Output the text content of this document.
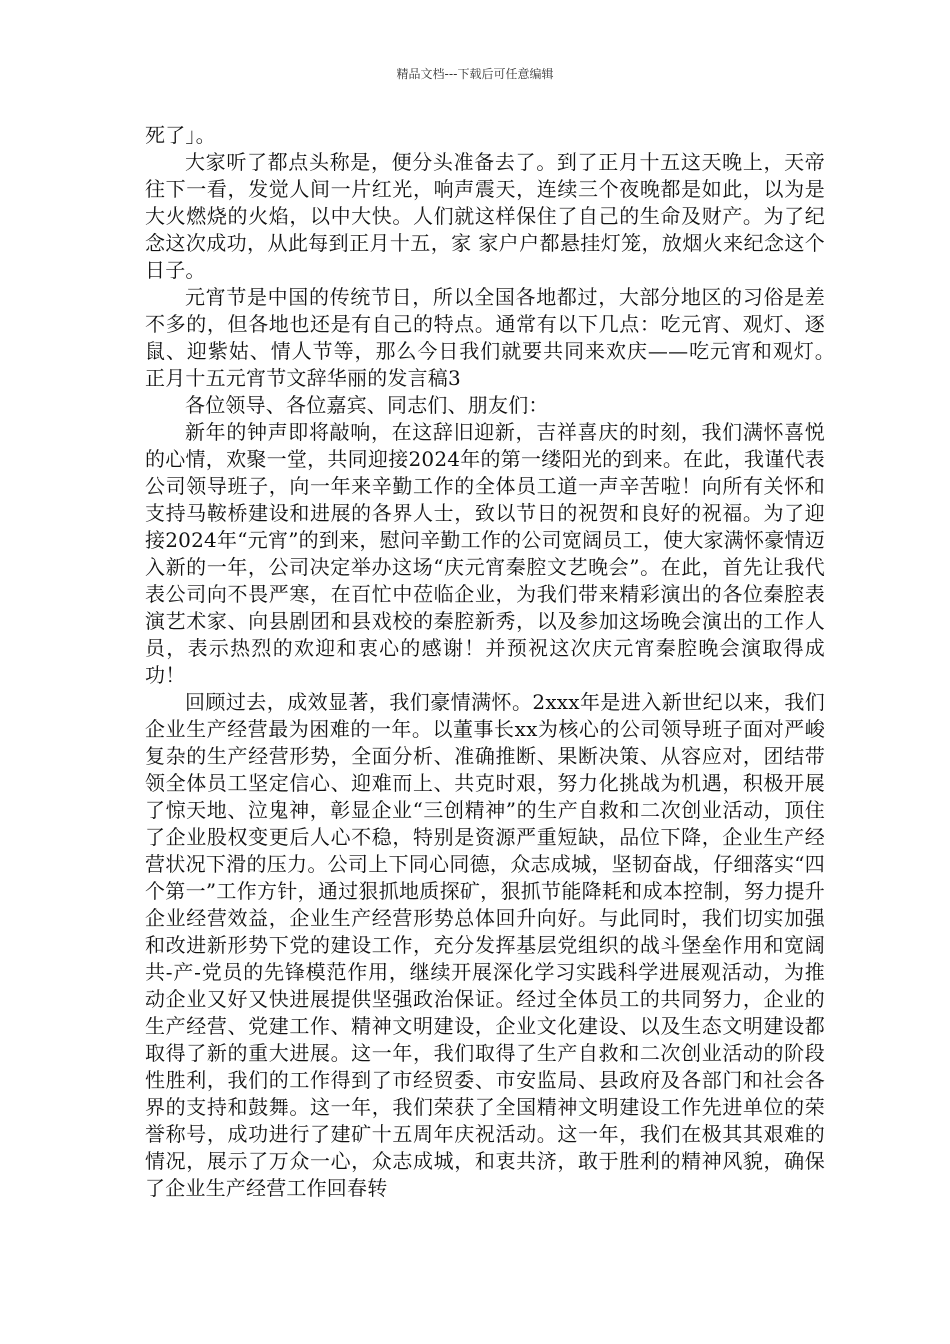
精品文档---下载后可任意编辑

死了」。

大家听了都点头称是，便分头准备去了。到了正月十五这天晚上，天帝往下一看，发觉人间一片红光，响声震天，连续三个夜晚都是如此，以为是大火燃烧的火焰，以中大快。人们就这样保住了自己的生命及财产。为了纪念这次成功，从此每到正月十五，家 家户户都悬挂灯笼，放烟火来纪念这个日子。

元宵节是中国的传统节日，所以全国各地都过，大部分地区的习俗是差不多的，但各地也还是有自己的特点。通常有以下几点：吃元宵、观灯、逐鼠、迎紫姑、情人节等，那么今日我们就要共同来欢庆——吃元宵和观灯。　　正月十五元宵节文辞华丽的发言稿3

各位领导、各位嘉宾、同志们、朋友们：

新年的钟声即将敲响，在这辞旧迎新，吉祥喜庆的时刻，我们满怀喜悦的心情，欢聚一堂，共同迎接2024年的第一缕阳光的到来。在此，我谨代表公司领导班子，向一年来辛勤工作的全体员工道一声辛苦啦！向所有关怀和支持马鞍桥建设和进展的各界人士，致以节日的祝贺和良好的祝福。为了迎接2024年“元宵”的到来，慰问辛勤工作的公司宽阔员工，使大家满怀豪情迈入新的一年，公司决定举办这场“庆元宵秦腔文艺晚会”。在此，首先让我代表公司向不畏严寒，在百忙中莅临企业，为我们带来精彩演出的各位秦腔表演艺术家、向县剧团和县戏校的秦腔新秀，以及参加这场晚会演出的工作人员，表示热烈的欢迎和衷心的感谢！并预祝这次庆元宵秦腔晚会演取得成功！

回顾过去，成效显著，我们豪情满怀。2xxx年是进入新世纪以来，我们企业生产经营最为困难的一年。以董事长xx为核心的公司领导班子面对严峻复杂的生产经营形势，全面分析、准确推断、果断决策、从容应对，团结带领全体员工坚定信心、迎难而上、共克时艰，努力化挑战为机遇，积极开展了惊天地、泣鬼神，彰显企业“三创精神”的生产自救和二次创业活动，顶住了企业股权变更后人心不稳，特别是资源严重短缺，品位下降，企业生产经营状况下滑的压力。公司上下同心同德，众志成城，坚韧奋战，仔细落实“四个第一”工作方针，通过狠抓地质探矿，狠抓节能降耗和成本控制，努力提升企业经营效益，企业生产经营形势总体回升向好。与此同时，我们切实加强和改进新形势下党的建设工作，充分发挥基层党组织的战斗堡垒作用和宽阔共-产-党员的先锋模范作用，继续开展深化学习实践科学进展观活动，为推动企业又好又快进展提供坚强政治保证。经过全体员工的共同努力，企业的生产经营、党建工作、精神文明建设，企业文化建设、以及生态文明建设都取得了新的重大进展。这一年，我们取得了生产自救和二次创业活动的阶段性胜利，我们的工作得到了市经贸委、市安监局、县政府及各部门和社会各界的支持和鼓舞。这一年，我们荣获了全国精神文明建设工作先进单位的荣誉称号，成功进行了建矿十五周年庆祝活动。这一年，我们在极其其艰难的情况，展示了万众一心，众志成城，和衷共济，敢于胜利的精神风貌，确保了企业生产经营工作回春转
